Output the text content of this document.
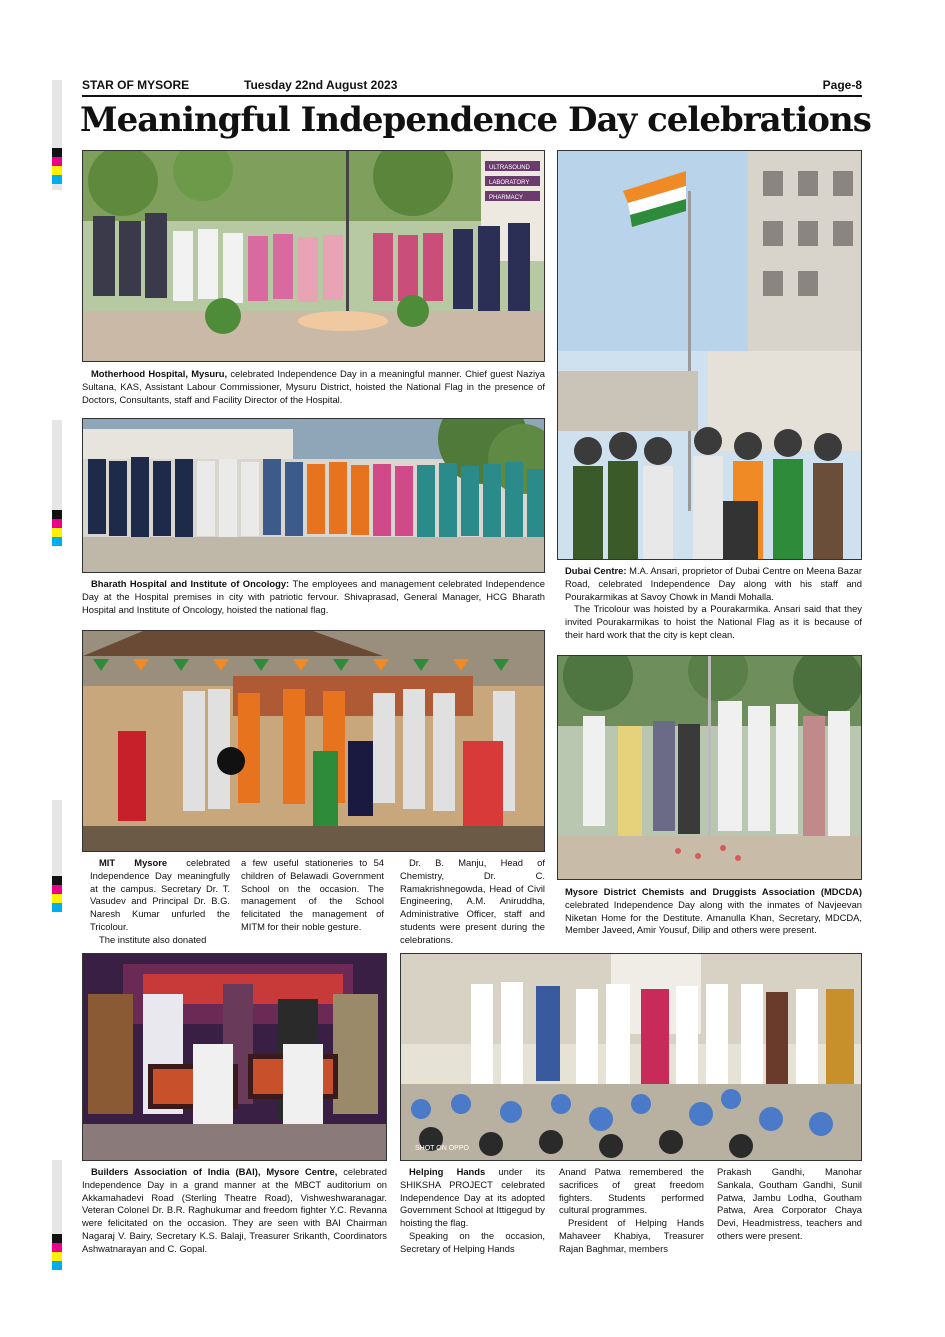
STAR OF MYSORE	Tuesday 22nd August 2023	Page-8
Meaningful Independence Day celebrations
ULTRASOUND
LABORATORY
PHARMACY
Motherhood Hospital, Mysuru, celebrated Independence Day in a meaningful manner. Chief guest Naziya Sultana, KAS, Assistant Labour Commissioner, Mysuru District, hoisted the National Flag in the presence of Doctors, Consultants, staff and Facility Director of the Hospital.
Bharath Hospital and Institute of Oncology: The employees and management celebrated Independence Day at the Hospital premises in city with patriotic fervour. Shivaprasad, General Manager, HCG Bharath Hospital and Institute of Oncology, hoisted the national flag.
Dubai Centre: M.A. Ansari, proprietor of Dubai Centre on Meena Bazar Road, celebrated Independence Day along with his staff and Pourakarmikas at Savoy Chowk in Mandi Mohalla.
The Tricolour was hoisted by a Pourakarmika. Ansari said that they invited Pourakarmikas to hoist the National Flag as it is because of their hard work that the city is kept clean.
MIT Mysore celebrated Independence Day meaningfully at the campus. Secretary Dr. T. Vasudev and Principal Dr. B.G. Naresh Kumar unfurled the Tricolour.
The institute also donated
a few useful stationeries to 54 children of Belawadi Government School on the occasion. The management of the School felicitated the management of MITM for their noble gesture.
Dr. B. Manju, Head of Chemistry, Dr. C. Ramakrishnegowda, Head of Civil Engineering, A.M. Aniruddha, Administrative Officer, staff and students were present during the celebrations.
Mysore District Chemists and Druggists Association (MDCDA) celebrated Independence Day along with the inmates of Navjeevan Niketan Home for the Destitute. Amanulla Khan, Secretary, MDCDA, Member Javeed, Amir Yousuf, Dilip and others were present.
Builders Association of India (BAI), Mysore Centre, celebrated Independence Day in a grand manner at the MBCT auditorium on Akkamahadevi Road (Sterling Theatre Road), Vishweshwaranagar. Veteran Colonel Dr. B.R. Raghukumar and freedom fighter Y.C. Revanna were felicitated on the occasion. They are seen with BAI Chairman Nagaraj V. Bairy, Secretary K.S. Balaji, Treasurer Srikanth, Coordinators Ashwatnarayan and C. Gopal.
SHOT ON OPPO
Helping Hands under its SHIKSHA PROJECT celebrated Independence Day at its adopted Government School at Ittigegud by hoisting the flag.
Speaking on the occasion, Secretary of Helping Hands
Anand Patwa remembered the sacrifices of great freedom fighters. Students performed cultural programmes.
President of Helping Hands Mahaveer Khabiya, Treasurer Rajan Baghmar, members
Prakash Gandhi, Manohar Sankala, Goutham Gandhi, Sunil Patwa, Jambu Lodha, Goutham Patwa, Area Corporator Chaya Devi, Headmistress, teachers and others were present.
